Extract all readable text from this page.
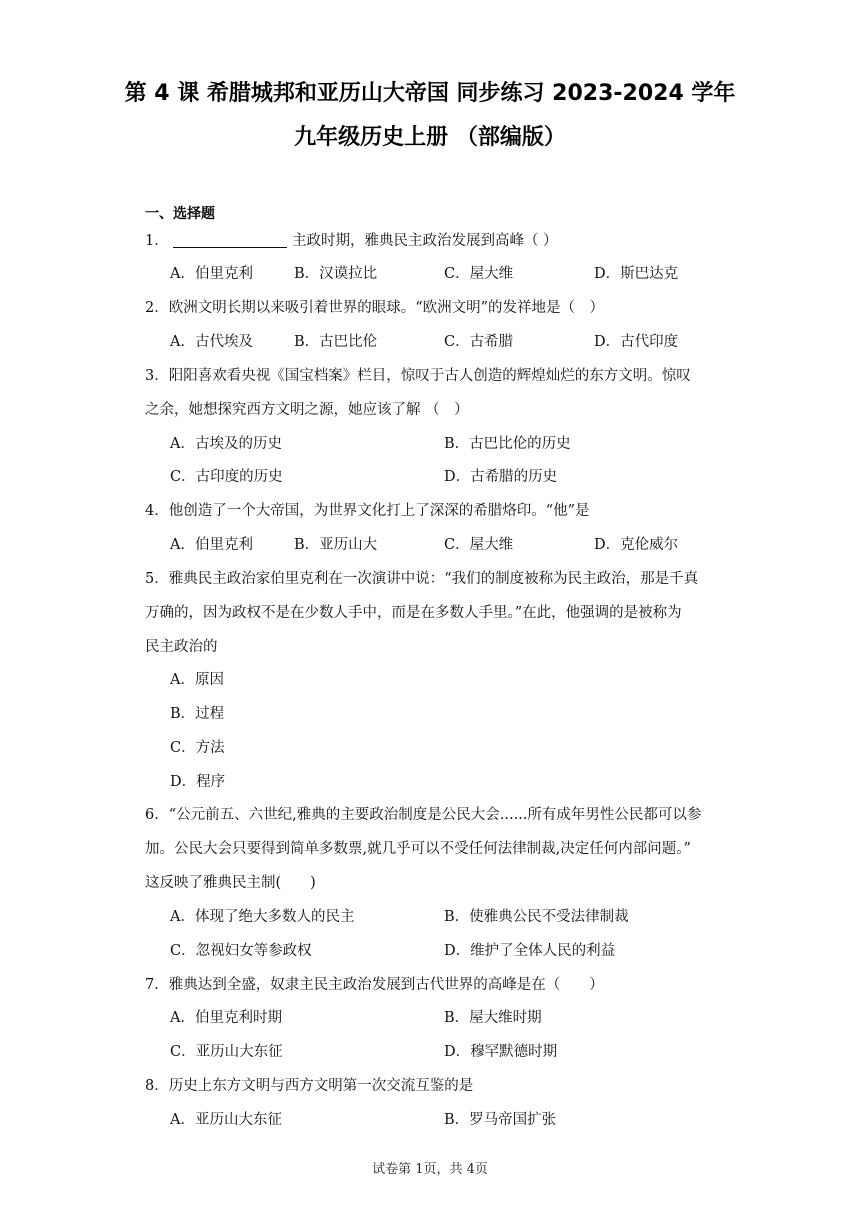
第 4 课 希腊城邦和亚历山大帝国 同步练习 2023-2024 学年
九年级历史上册 （部编版）
一、选择题
1．	主政时期，雅典民主政治发展到高峰（ ）
A．伯里克利	B．汉谟拉比	C．屋大维	D．斯巴达克
2．欧洲文明长期以来吸引着世界的眼球。“欧洲文明”的发祥地是（　）
A．古代埃及	B．古巴比伦	C．古希腊	D．古代印度
3．阳阳喜欢看央视《国宝档案》栏目，惊叹于古人创造的辉煌灿烂的东方文明。惊叹
之余，她想探究西方文明之源，她应该了解 （　）
A．古埃及的历史	B．古巴比伦的历史
C．古印度的历史	D．古希腊的历史
4．他创造了一个大帝国，为世界文化打上了深深的希腊烙印。“他”是
A．伯里克利	B．亚历山大	C．屋大维	D．克伦威尔
5．雅典民主政治家伯里克利在一次演讲中说：“我们的制度被称为民主政治，那是千真
万确的，因为政权不是在少数人手中，而是在多数人手里。”在此，他强调的是被称为
民主政治的
A．原因
B．过程
C．方法
D．程序
6．“公元前五、六世纪,雅典的主要政治制度是公民大会......所有成年男性公民都可以参
加。公民大会只要得到简单多数票,就几乎可以不受任何法律制裁,决定任何内部问题。”
这反映了雅典民主制(　　)
A．体现了绝大多数人的民主	B．使雅典公民不受法律制裁
C．忽视妇女等参政权	D．维护了全体人民的利益
7．雅典达到全盛，奴隶主民主政治发展到古代世界的高峰是在（　　）
A．伯里克利时期	B．屋大维时期
C．亚历山大东征	D．穆罕默德时期
8．历史上东方文明与西方文明第一次交流互鉴的是
A．亚历山大东征	B．罗马帝国扩张
试卷第 1页，共 4页
